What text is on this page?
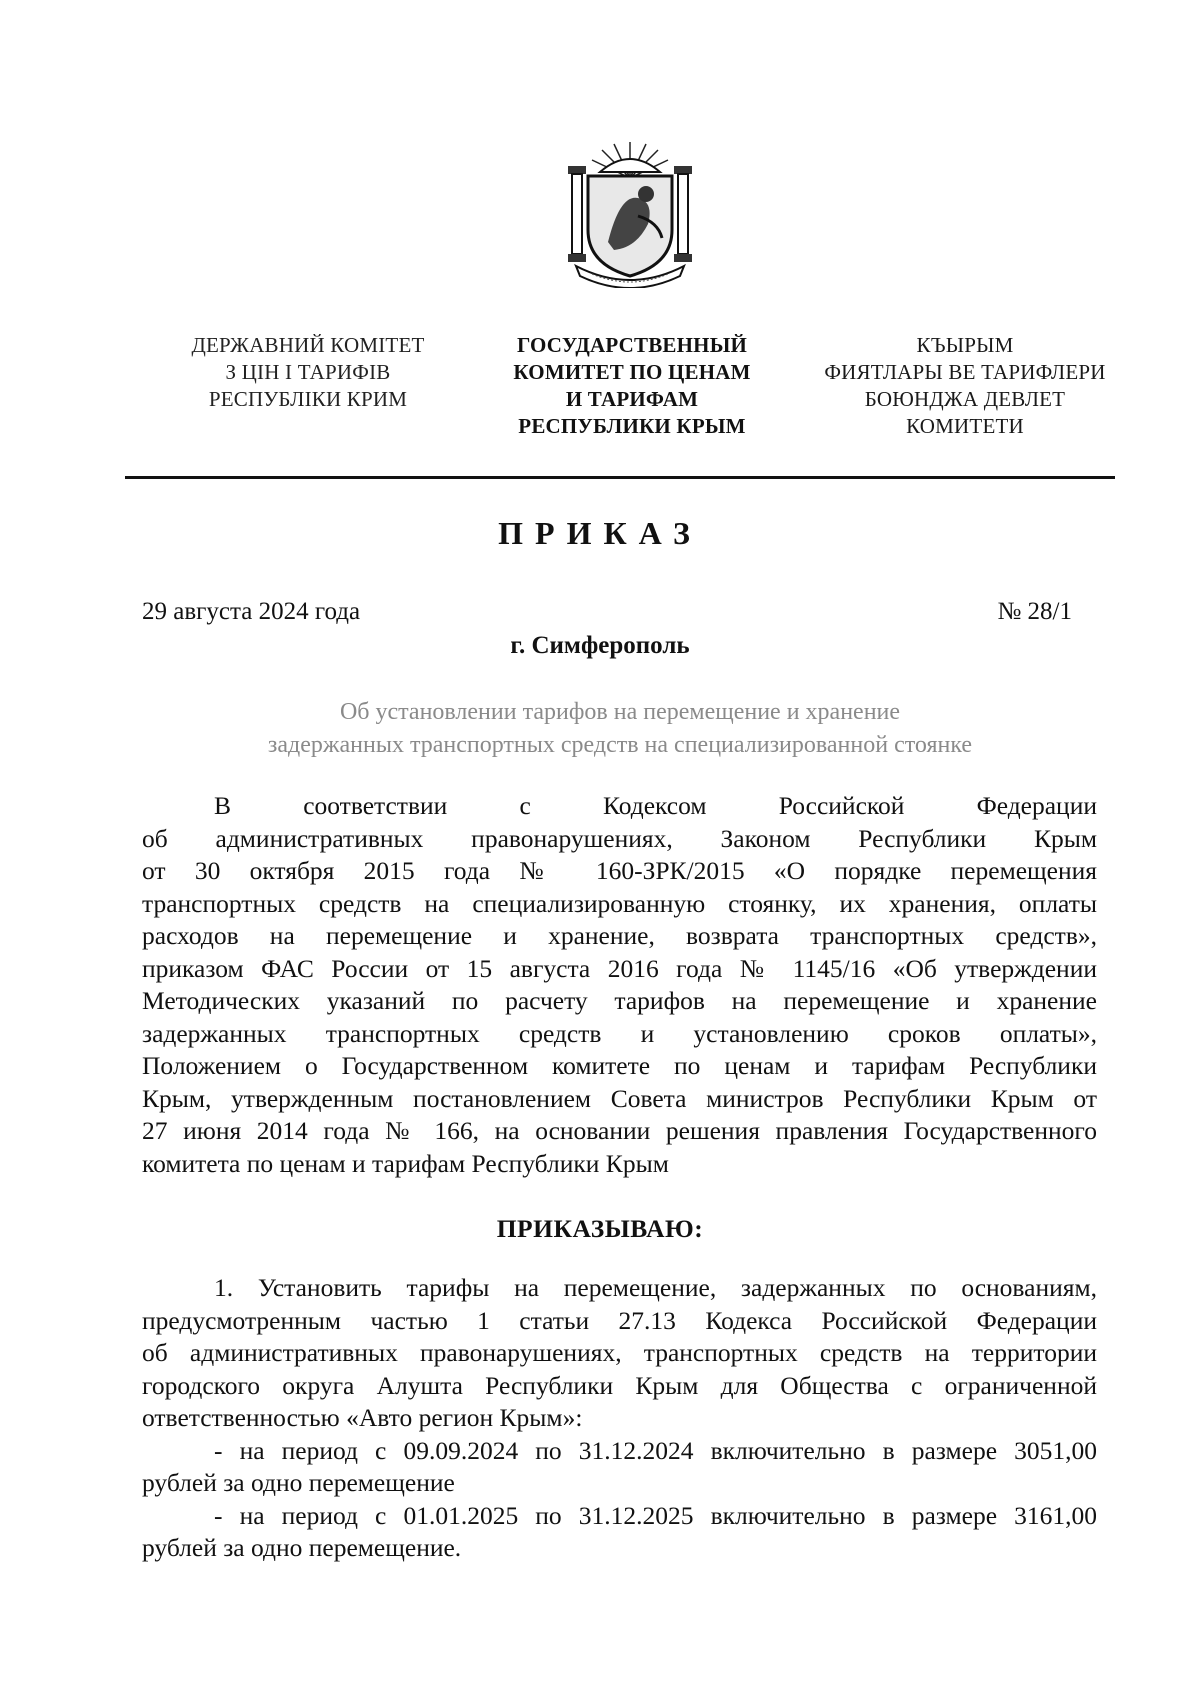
ДЕРЖАВНИЙ КОМІТЕТ
З ЦІН І ТАРИФІВ
РЕСПУБЛІКИ КРИМ
ГОСУДАРСТВЕННЫЙ
КОМИТЕТ ПО ЦЕНАМ
И ТАРИФАМ
РЕСПУБЛИКИ КРЫМ
КЪЫРЫМ
ФИЯТЛАРЫ ВЕ ТАРИФЛЕРИ
БОЮНДЖА ДЕВЛЕТ
КОМИТЕТИ
ПРИКАЗ
29 августа 2024 года	№ 28/1
г. Симферополь
Об установлении тарифов на перемещение и хранение
задержанных транспортных средств на специализированной стоянке
В соответствии с Кодексом Российской Федерации
об административных правонарушениях, Законом Республики Крым
от 30 октября 2015 года № 160-ЗРК/2015 «О порядке перемещения
транспортных средств на специализированную стоянку, их хранения, оплаты
расходов на перемещение и хранение, возврата транспортных средств»,
приказом ФАС России от 15 августа 2016 года № 1145/16 «Об утверждении
Методических указаний по расчету тарифов на перемещение и хранение
задержанных транспортных средств и установлению сроков оплаты»,
Положением о Государственном комитете по ценам и тарифам Республики
Крым, утвержденным постановлением Совета министров Республики Крым от
27 июня 2014 года № 166, на основании решения правления Государственного
комитета по ценам и тарифам Республики Крым
ПРИКАЗЫВАЮ:
1. Установить тарифы на перемещение, задержанных по основаниям,
предусмотренным частью 1 статьи 27.13 Кодекса Российской Федерации
об административных правонарушениях, транспортных средств на территории
городского округа Алушта Республики Крым для Общества с ограниченной
ответственностью «Авто регион Крым»:
- на период с 09.09.2024 по 31.12.2024 включительно в размере 3051,00
рублей за одно перемещение
- на период с 01.01.2025 по 31.12.2025 включительно в размере 3161,00
рублей за одно перемещение.
